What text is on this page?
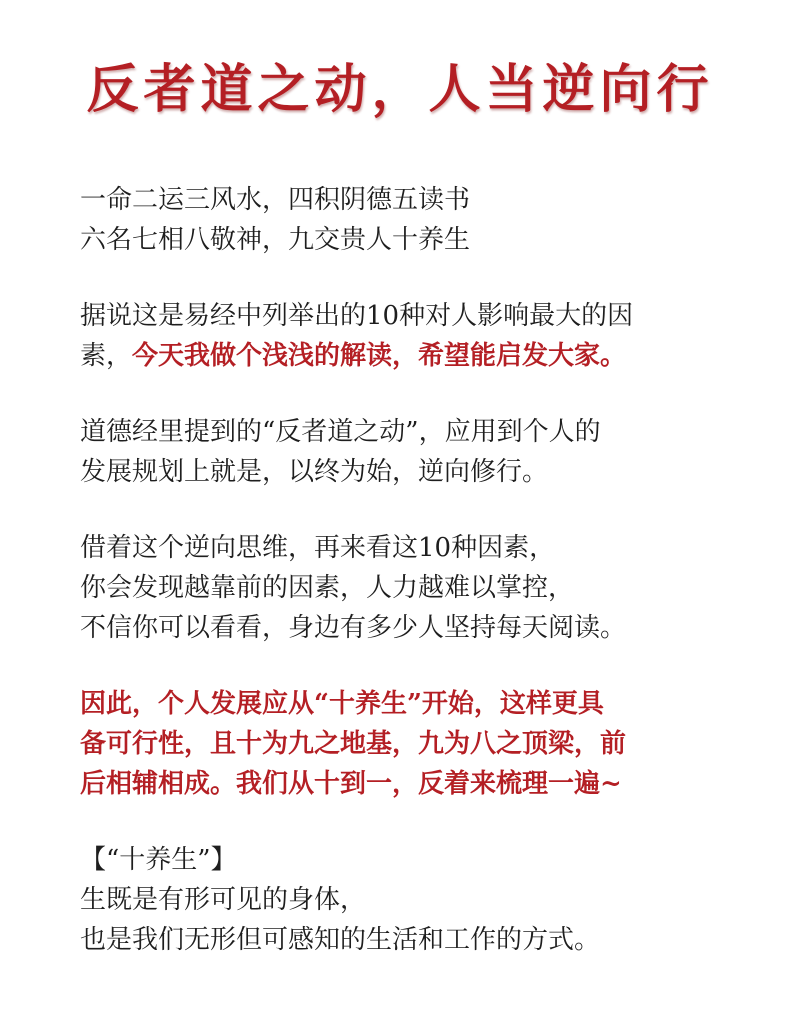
反者道之动，人当逆向行
一命二运三风水，四积阴德五读书
六名七相八敬神，九交贵人十养生
据说这是易经中列举出的10种对人影响最大的因
素，今天我做个浅浅的解读，希望能启发大家。
道德经里提到的“反者道之动”，应用到个人的
发展规划上就是，以终为始，逆向修行。
借着这个逆向思维，再来看这10种因素，
你会发现越靠前的因素，人力越难以掌控，
不信你可以看看，身边有多少人坚持每天阅读。
因此，个人发展应从“十养生”开始，这样更具
备可行性，且十为九之地基，九为八之顶梁，前
后相辅相成。我们从十到一，反着来梳理一遍~
【“十养生”】
生既是有形可见的身体，
也是我们无形但可感知的生活和工作的方式。
